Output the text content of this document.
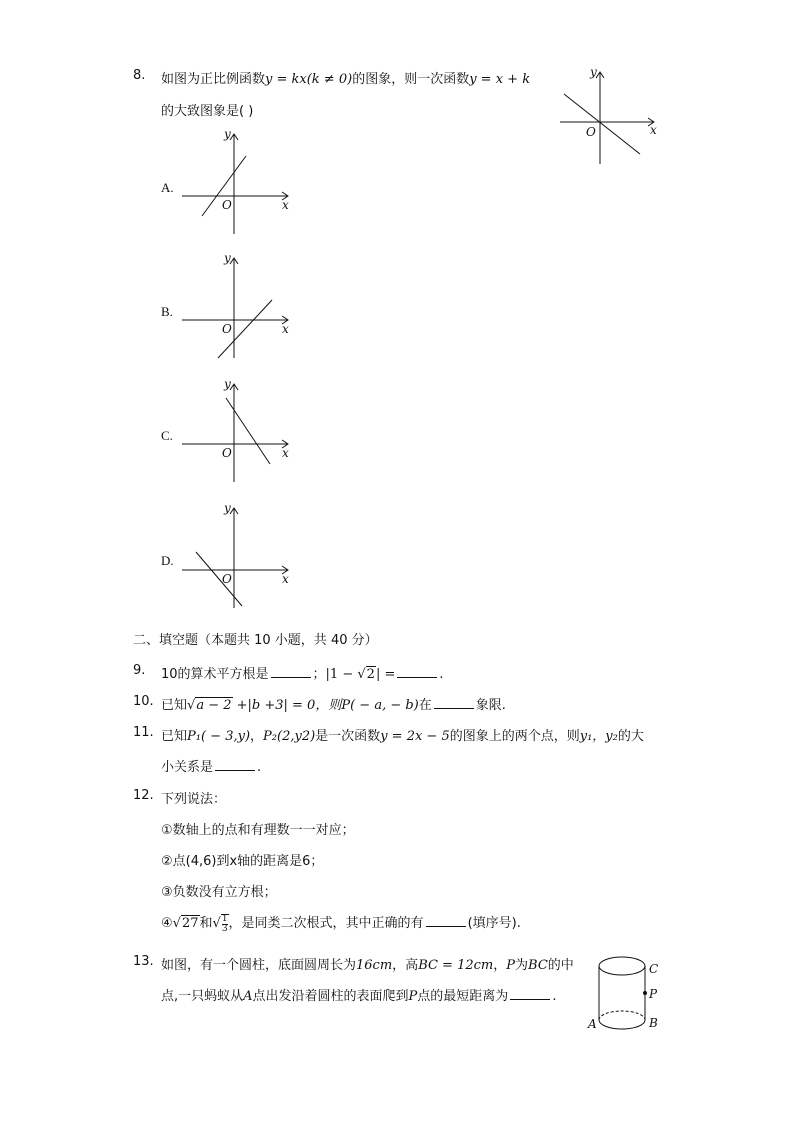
8. 如图为正比例函数y = kx(k ≠ 0)的图象，则一次函数y = x + k
的大致图象是( )
O	x
y
A.
O	x
y
B.
O	x
y
C.
O	x
y
D.
O	x
y
二、填空题（本题共 10 小题，共 40 分）
9. 10的算术平方根是	；|1 − √2| =	.
10. 已知√a − 2 +|b +3| = 0，则P( − a, − b)在	象限.
11. 已知P₁( − 3,y)，P₂(2,y2)是一次函数y = 2x − 5的图象上的两个点，则y₁，y₂的大
小关系是	.
12. 下列说法：
①数轴上的点和有理数一一对应；
②点(4,6)到x轴的距离是6；
③负数没有立方根；
④√27和√ $\frac{1}{3}$ ，是同类二次根式，其中正确的有	(填序号).
13. 如图，有一个圆柱，底面圆周长为16cm，高BC = 12cm，P为BC的中
点,一只蚂蚁从A点出发沿着圆柱的表面爬到P点的最短距离为	.
C
P
B
A
